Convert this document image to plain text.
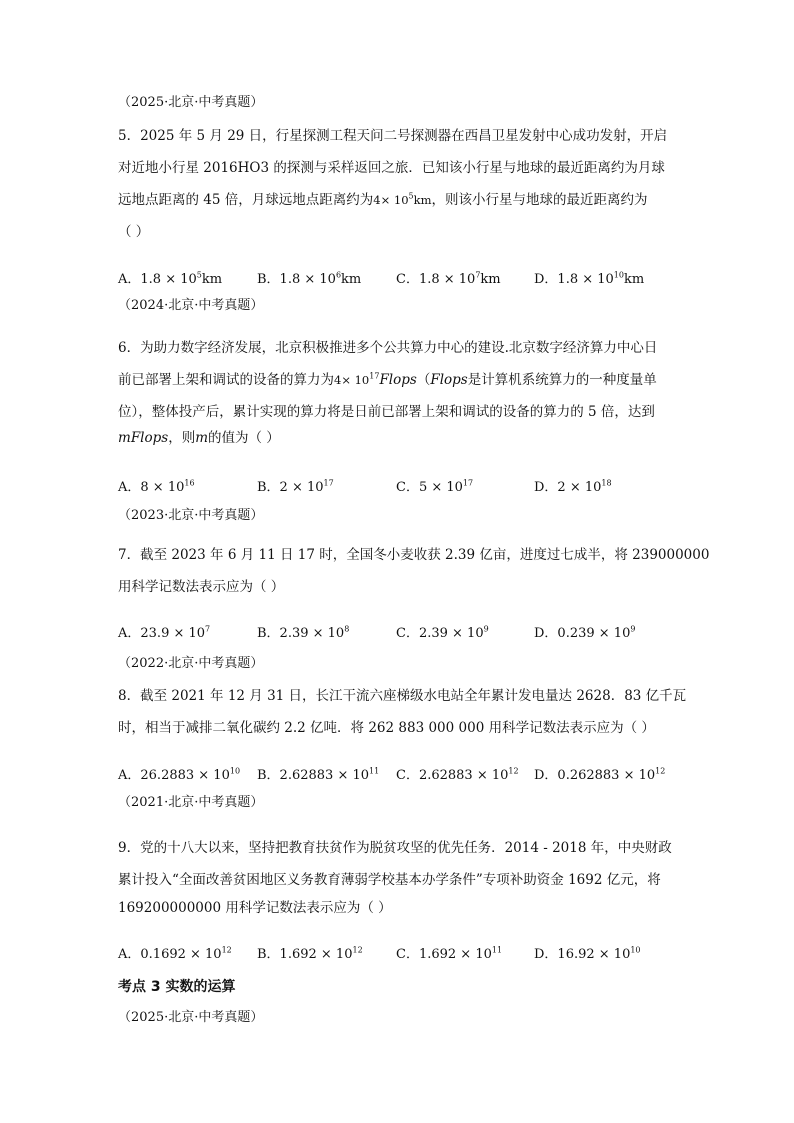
（2025·北京·中考真题）
5．2025 年 5 月 29 日，行星探测工程天问二号探测器在西昌卫星发射中心成功发射，开启
对近地小行星 2016HO3 的探测与采样返回之旅．已知该小行星与地球的最近距离约为月球
远地点距离的 45 倍，月球远地点距离约为$4\times 10^5km$，则该小行星与地球的最近距离约为
（ ）
A．$1.8 \times 10^5km$	B．$1.8 \times 10^6km$	C．$1.8 \times 10^7km$	D．$1.8 \times 10^{10}km$
（2024·北京·中考真题）
6．为助力数字经济发展，北京积极推进多个公共算力中心的建设.北京数字经济算力中心日
前已部署上架和调试的设备的算力为$4\times 10^{17}Flops(Flops$是计算机系统算力的一种度量单
位），整体投产后，累计实现的算力将是日前已部署上架和调试的设备的算力的 5 倍，达到
mFlops，则m的值为（ ）
A．$8 \times 10^{16}$	B．$2 \times 10^{17}$	C．$5 \times 10^{17}$	D．$2 \times 10^{18}$
（2023·北京·中考真题）
7．截至 2023 年 6 月 11 日 17 时，全国冬小麦收获 2.39 亿亩，进度过七成半，将 239000000
用科学记数法表示应为（ ）
A．$23.9 \times 10^7$	B．$2.39 \times 10^8$	C．$2.39 \times 10^9$	D．$0.239 \times 10^9$
（2022·北京·中考真题）
8．截至 2021 年 12 月 31 日，长江干流六座梯级水电站全年累计发电量达 2628．83 亿千瓦
时，相当于减排二氧化碳约 2.2 亿吨．将 262 883 000 000 用科学记数法表示应为（ ）
A．$26.2883 \times 10^{10}$ B．$2.62883 \times 10^{11}$ C．$2.62883 \times 10^{12}$ D．$0.262883 \times 10^{12}$
（2021·北京·中考真题）
9．党的十八大以来，坚持把教育扶贫作为脱贫攻坚的优先任务．2014 - 2018 年，中央财政
累计投入“全面改善贫困地区义务教育薄弱学校基本办学条件”专项补助资金 1692 亿元，将
169200000000 用科学记数法表示应为（ ）
A．$0.1692 \times 10^{12}$ B．$1.692 \times 10^{12}$	C．$1.692 \times 10^{11}$ D．$16.92 \times 10^{10}$
考点 3 实数的运算
（2025·北京·中考真题）
